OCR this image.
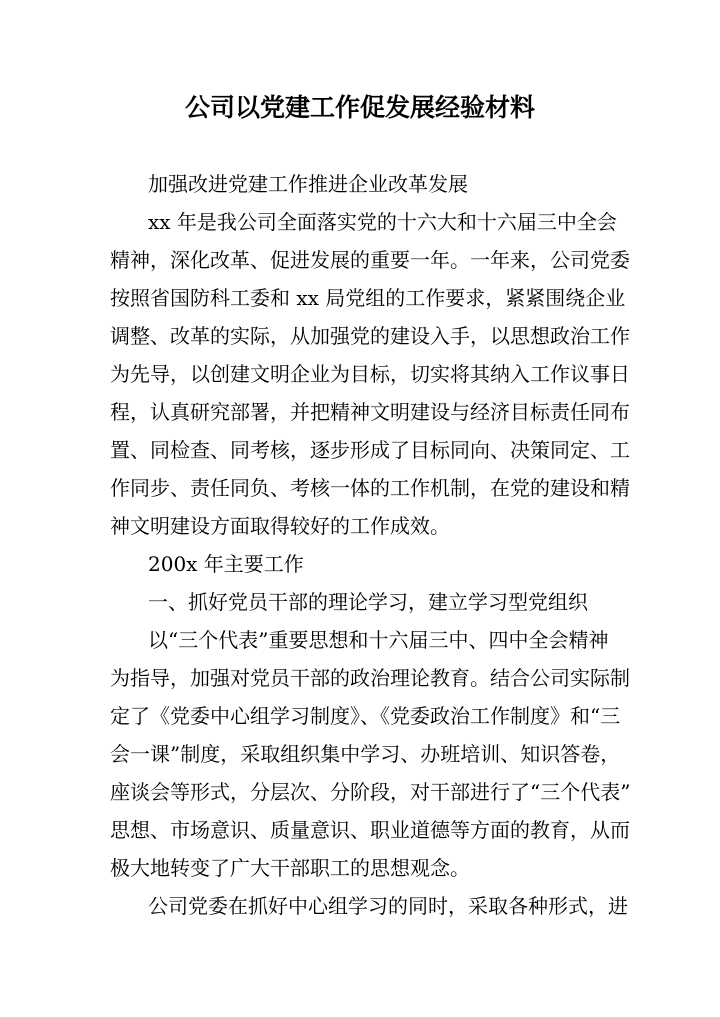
公司以党建工作促发展经验材料

加强改进党建工作推进企业改革发展

xx 年是我公司全面落实党的十六大和十六届三中全会

精神，深化改革、促进发展的重要一年。一年来，公司党委

按照省国防科工委和 xx 局党组的工作要求，紧紧围绕企业

调整、改革的实际，从加强党的建设入手，以思想政治工作

为先导，以创建文明企业为目标，切实将其纳入工作议事日

程，认真研究部署，并把精神文明建设与经济目标责任同布

置、同检查、同考核，逐步形成了目标同向、决策同定、工

作同步、责任同负、考核一体的工作机制，在党的建设和精

神文明建设方面取得较好的工作成效。

200x 年主要工作

一、抓好党员干部的理论学习，建立学习型党组织

以“三个代表”重要思想和十六届三中、四中全会精神

为指导，加强对党员干部的政治理论教育。结合公司实际制

定了《党委中心组学习制度》、《党委政治工作制度》和“三

会一课”制度，采取组织集中学习、办班培训、知识答卷，

座谈会等形式，分层次、分阶段，对干部进行了“三个代表”

思想、市场意识、质量意识、职业道德等方面的教育，从而

极大地转变了广大干部职工的思想观念。

公司党委在抓好中心组学习的同时，采取各种形式，进
